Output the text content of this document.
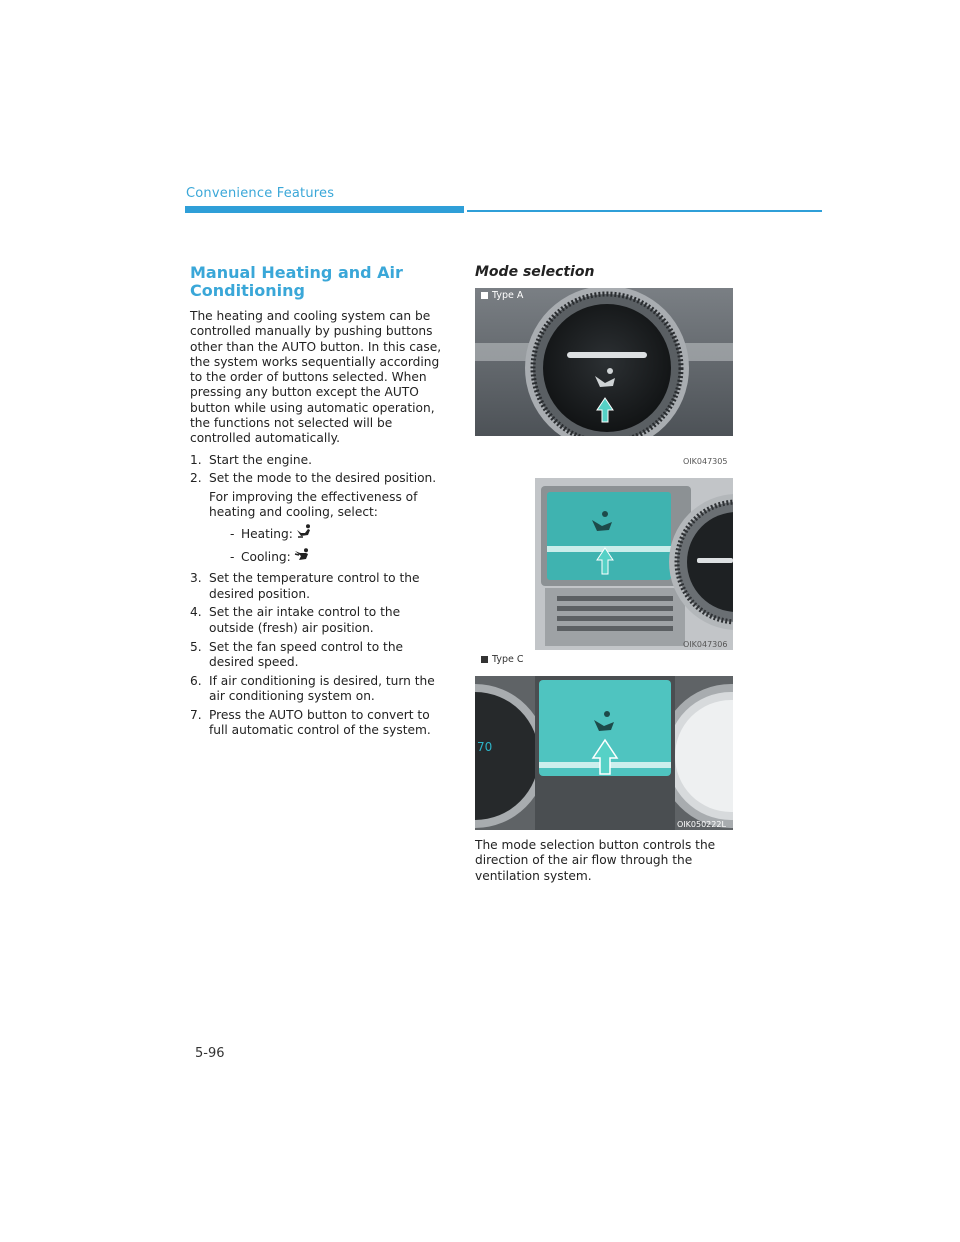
Convenience Features
Manual Heating and Air Conditioning

The heating and cooling system can be controlled manually by pushing buttons other than the AUTO button. In this case, the system works sequentially according to the order of buttons selected. When pressing any button except the AUTO button while using automatic operation, the functions not selected will be controlled automatically.

1. Start the engine.
2. Set the mode to the desired position.
For improving the effectiveness of heating and cooling, select:
- Heating:
- Cooling:
3. Set the temperature control to the desired position.
4. Set the air intake control to the outside (fresh) air position.
5. Set the fan speed control to the desired speed.
6. If air conditioning is desired, turn the air conditioning system on.
7. Press the AUTO button to convert to full automatic control of the system.
Mode selection
Type A
OIK047305
OIK047306
Type C
70
OIK050222L
The mode selection button controls the direction of the air flow through the ventilation system.
5-96
